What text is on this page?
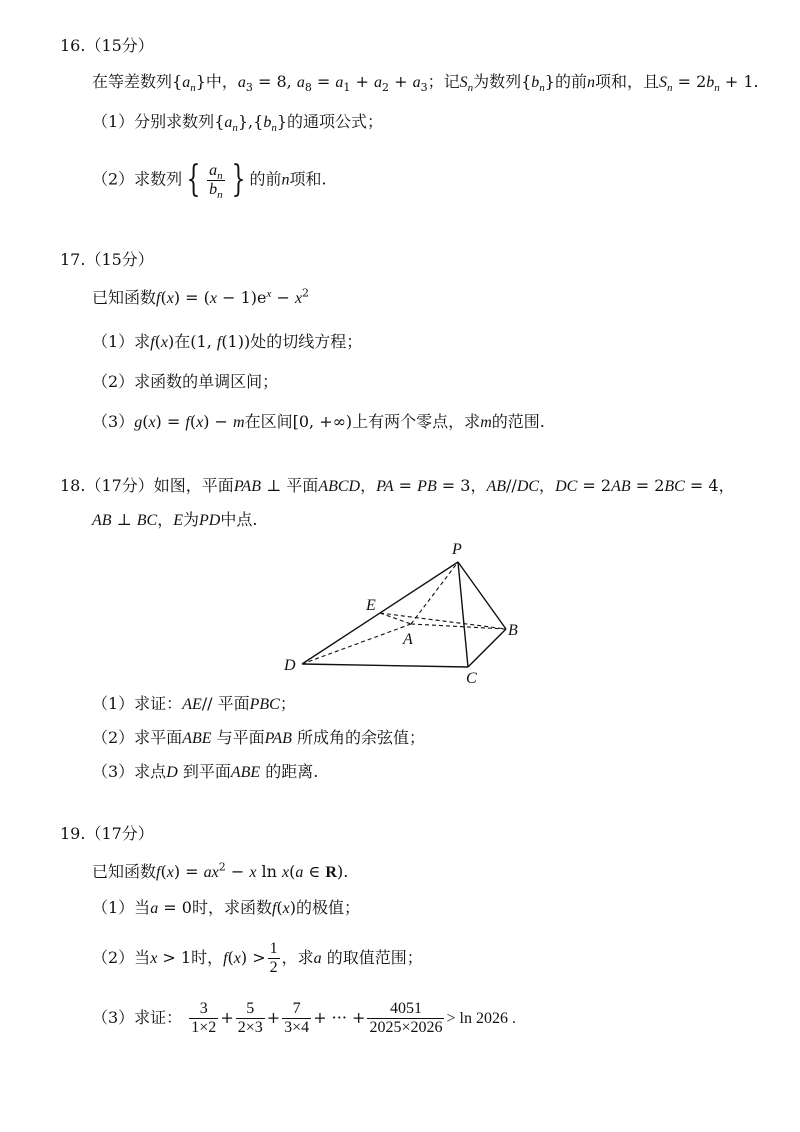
16.（15分）
在等差数列$\{a_n\}$中，$a_3 = 8$, $a_8 = a_1 + a_2 + a_3$；记$S_n$为数列$\{b_n\}$的前n项和，且$S_n = 2b_n + 1$.
（1）分别求数列$\{a_n\},\{b_n\}$的通项公式；
（2）求数列 { $\frac{a_n}{b_n}$ } 的前n项和.
17.（15分）
已知函数$f(x) = (x - 1)e^x - x^2$
（1）求f(x)在(1, f(1))处的切线方程；
（2）求函数的单调区间；
（3）g(x) = f(x) − m在区间[0, +∞)上有两个零点，求m的范围.
18.（17分）如图，平面PAB ⊥ 平面ABCD，PA = PB = 3，AB//DC，DC = 2AB = 2BC = 4，
AB ⊥ BC，E为PD中点.
P
E
A
B
D
C
（1）求证：AE// 平面PBC；
（2）求平面ABE 与平面PAB 所成角的余弦值；
（3）求点D 到平面ABE 的距离.
19.（17分）
已知函数$f(x) = ax^2 - x$ ln x(a ∈ R).
（1）当a = 0时，求函数f(x)的极值；
（2）当x > 1时，$f(x) > \frac{1}{2}$ ，求a 的取值范围；
（3）求证： $\frac{3}{1\times 2} + \frac{5}{2\times 3} + \frac{7}{3\times 4}$ + ··· + $\frac{4051}{2025\times 2026} > \ln 2026$ .
